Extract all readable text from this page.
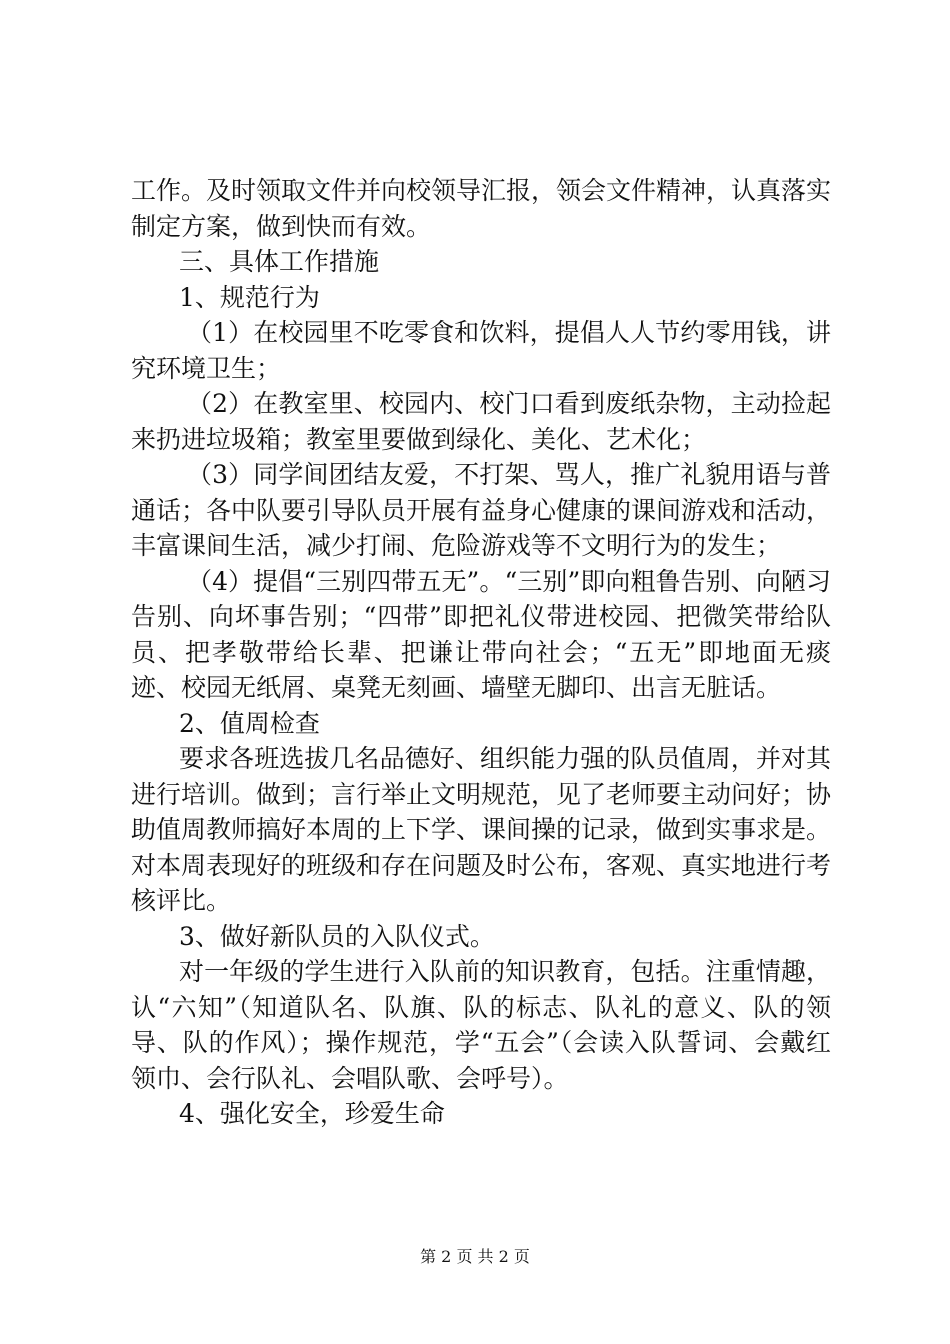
工作。及时领取文件并向校领导汇报，领会文件精神，认真落实制定方案，做到快而有效。

三、具体工作措施

1、规范行为

（1）在校园里不吃零食和饮料，提倡人人节约零用钱，讲究环境卫生；

（2）在教室里、校园内、校门口看到废纸杂物，主动捡起来扔进垃圾箱；教室里要做到绿化、美化、艺术化；

（3）同学间团结友爱，不打架、骂人，推广礼貌用语与普通话；各中队要引导队员开展有益身心健康的课间游戏和活动，丰富课间生活，减少打闹、危险游戏等不文明行为的发生；

（4）提倡“三别四带五无”。“三别”即向粗鲁告别、向陋习告别、向坏事告别；“四带”即把礼仪带进校园、把微笑带给队员、把孝敬带给长辈、把谦让带向社会；“五无”即地面无痰迹、校园无纸屑、桌凳无刻画、墙壁无脚印、出言无脏话。

2、值周检查

要求各班选拔几名品德好、组织能力强的队员值周，并对其进行培训。做到；言行举止文明规范，见了老师要主动问好；协助值周教师搞好本周的上下学、课间操的记录，做到实事求是。对本周表现好的班级和存在问题及时公布，客观、真实地进行考核评比。

3、做好新队员的入队仪式。

对一年级的学生进行入队前的知识教育，包括。注重情趣，认“六知”（知道队名、队旗、队的标志、队礼的意义、队的领导、队的作风）；操作规范，学“五会”（会读入队誓词、会戴红领巾、会行队礼、会唱队歌、会呼号）。

4、强化安全，珍爱生命

第 2 页 共 2 页
